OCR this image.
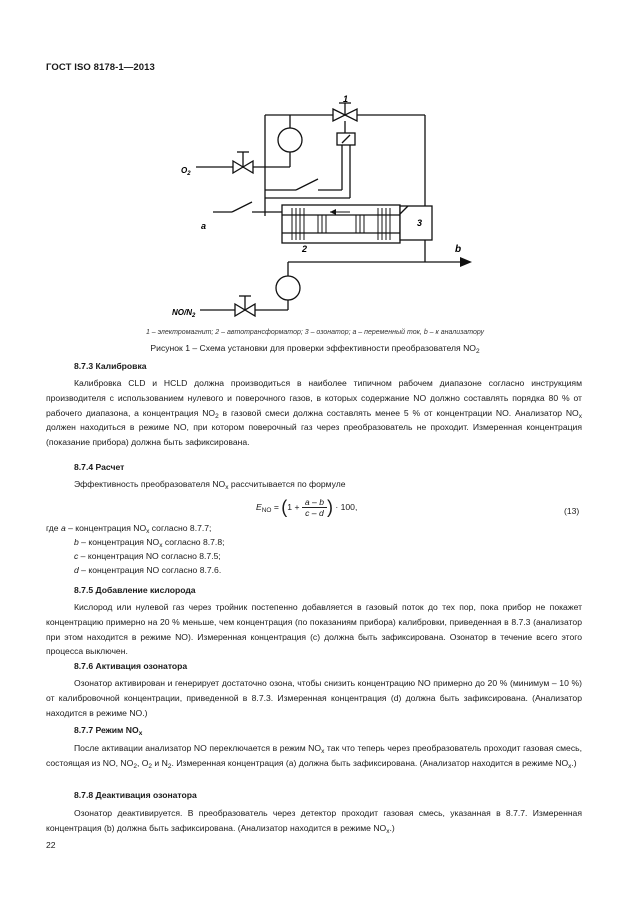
ГОСТ ISO 8178-1—2013
1
2
3
$O_2$
a
b
$NO/N_2$
1 – электромагнит; 2 – автотрансформатор; 3 – озонатор; a – переменный ток, b – к анализатору
Рисунок 1 – Схема установки для проверки эффективности преобразователя $NO_2$
8.7.3 Калибровка
Калибровка CLD и HCLD должна производиться в наиболее типичном рабочем диапазоне согласно инструкциям производителя с использованием нулевого и поверочного газов, в которых содержание NO должно составлять порядка 80 % от рабочего диапазона, а концентрация $NO_2$ в газовой смеси должна составлять менее 5 % от концентрации NO. Анализатор $NO_x$ должен находиться в режиме NO, при котором поверочный газ через преобразователь не проходит. Измеренная концентрация (показание прибора) должна быть зафиксирована.
8.7.4 Расчет
Эффективность преобразователя $NO_x$ рассчитывается по формуле
$E_{NO} = (1 + \frac{a - b}{c - d}$ ) · 100,	(13)
где a – концентрация $NO_x$ согласно 8.7.7;
b – концентрация $NO_x$ согласно 8.7.8;
c – концентрация NO согласно 8.7.5;
d – концентрация NO согласно 8.7.6.
8.7.5 Добавление кислорода
Кислород или нулевой газ через тройник постепенно добавляется в газовый поток до тех пор, пока прибор не покажет концентрацию примерно на 20 % меньше, чем концентрация (по показаниям прибора) калибровки, приведенная в 8.7.3 (анализатор при этом находится в режиме NO). Измеренная концентрация (c) должна быть зафиксирована. Озонатор в течение всего этого процесса выключен.
8.7.6 Активация озонатора
Озонатор активирован и генерирует достаточно озона, чтобы снизить концентрацию NO примерно до 20 % (минимум – 10 %) от калибровочной концентрации, приведенной в 8.7.3. Измеренная концентрация (d) должна быть зафиксирована. (Анализатор находится в режиме NO.)
8.7.7 Режим $NO_x$
После активации анализатор NO переключается в режим $NO_x$ так что теперь через преобразователь проходит газовая смесь, состоящая из NO, $NO_2$, $O_2$ и $N_2$. Измеренная концентрация (a) должна быть зафиксирована. (Анализатор находится в режиме $NO_x$.)
8.7.8 Деактивация озонатора
Озонатор деактивируется. В преобразователь через детектор проходит газовая смесь, указанная в 8.7.7. Измеренная концентрация (b) должна быть зафиксирована. (Анализатор находится в режиме $NO_x$.)
22
